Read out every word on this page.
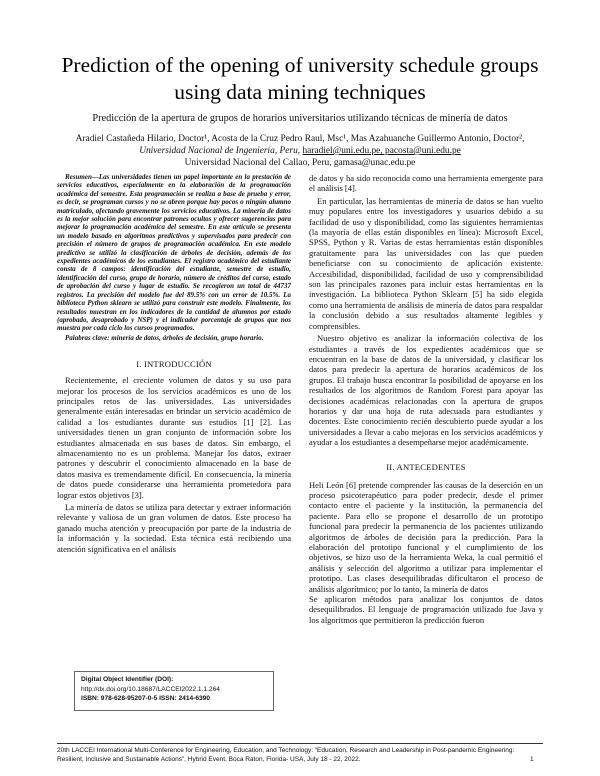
Prediction of the opening of university schedule groups using data mining techniques
Predicción de la apertura de grupos de horarios universitarios utilizando técnicas de minería de datos

Aradiel Castañeda Hilario, Doctor¹, Acosta de la Cruz Pedro Raul, Msc¹, Mas Azahuanche Guillermo Antonio, Doctor²,

Universidad Nacional de Ingeniería, Peru, haradiel@uni.edu.pe, pacosta@uni.edu.pe

Universidad Nacional del Callao, Peru, gamasa@unac.edu.pe

Resumen—Las universidades tienen un papel importante en la prestación de servicios educativos, especialmente en la elaboración de la programación académica del semestre. Esta programación se realiza a base de prueba y error, es decir, se programan cursos y no se abren porque hay pocos o ningún alumno matriculado, afectando gravemente los servicios educativos. La minería de datos es la mejor solución para encontrar patrones ocultos y ofrecer sugerencias para mejorar la programación académica del semestre. En este artículo se presenta un modelo basado en algoritmos predictivos y supervisados para predecir con precisión el número de grupos de programación académica. En este modelo predictivo se utilizó la clasificación de árboles de decisión, además de los expedientes académicos de los estudiantes. El registro académico del estudiante consta de 8 campos: identificación del estudiante, semestre de estudio, identificación del curso, grupo de horario, número de créditos del curso, estado de aprobación del curso y lugar de estudio. Se recogieron un total de 44737 registros. La precisión del modelo fue del 89.5% con un error de 10.5%. La biblioteca Python sklearn se utilizó para construir este modelo. Finalmente, los resultados muestran en los indicadores de la cantidad de alumnos por estado (aprobado, desaprobado y NSP) y el indicador porcentaje de grupos que nos muestra por cada ciclo los cursos programados.

Palabras clave: minería de datos, árboles de decisión, grupo horario.

I. INTRODUCCIÓN

Recientemente, el creciente volumen de datos y su uso para mejorar los procesos de los servicios académicos es uno de los principales retos de las universidades. Las universidades generalmente están interesadas en brindar un servicio académico de calidad a los estudiantes durante sus estudios [1] [2]. Las universidades tienen un gran conjunto de información sobre los estudiantes almacenada en sus bases de datos. Sin embargo, el almacenamiento no es un problema. Manejar los datos, extraer patrones y descubrir el conocimiento almacenado en la base de datos masiva es tremendamente difícil. En consecuencia, la minería de datos puede considerarse una herramienta prometedora para lograr estos objetivos [3].

La minería de datos se utiliza para detectar y extraer información relevante y valiosa de un gran volumen de datos. Este proceso ha ganado mucha atención y preocupación por parte de la industria de la información y la sociedad. Esta técnica está recibiendo una atención significativa en el análisis

Digital Object Identifier (DOI):
http://dx.doi.org/10.18687/LACCEI2022.1.1.264
ISBN: 978-628-95207-0-5 ISSN: 2414-6390

de datos y ha sido reconocida como una herramienta emergente para el análisis [4].

En particular, las herramientas de minería de datos se han vuelto muy populares entre los investigadores y usuarios debido a su facilidad de uso y disponibilidad, como las siguientes herramientas (la mayoría de ellas están disponibles en línea): Microsoft Excel, SPSS, Python y R. Varias de estas herramientas están disponibles gratuitamente para las universidades con las que pueden beneficiarse con su conocimiento de aplicación existente. Accesibilidad, disponibilidad, facilidad de uso y comprensibilidad son las principales razones para incluir estas herramientas en la investigación. La biblioteca Python Sklearn [5] ha sido elegida como una herramienta de análisis de minería de datos para respaldar la conclusión debido a sus resultados altamente legibles y comprensibles.

Nuestro objetivo es analizar la información colectiva de los estudiantes a través de los expedientes académicos que se encuentran en la base de datos de la universidad, y clasificar los datos para predecir la apertura de horarios académicos de los grupos. El trabajo busca encontrar la posibilidad de apoyarse en los resultados de los algoritmos de Random Forest para apoyar las decisiones académicas relacionadas con la apertura de grupos horarios y dar una hoja de ruta adecuada para estudiantes y docentes. Este conocimiento recién descubierto puede ayudar a los universidades a llevar a cabo mejoras en los servicios académicos y ayudar a los estudiantes a desempeñarse mejor académicamente.

II. ANTECEDENTES

Heli León [6] pretende comprender las causas de la deserción en un proceso psicoterapéutico para poder predecir, desde el primer contacto entre el paciente y la institución, la permanencia del paciente. Para ello se propone el desarrollo de un prototipo funcional para predecir la permanencia de los pacientes utilizando algoritmos de árboles de decisión para la predicción. Para la elaboración del prototipo funcional y el cumplimiento de los objetivos, se hizo uso de la herramienta Weka, la cual permitió el análisis y selección del algoritmo a utilizar para implementar el prototipo. Las clases desequilibradas dificultaron el proceso de análisis algorítmico; por lo tanto, la minería de datos

Se aplicaron métodos para analizar los conjuntos de datos desequilibrados. El lenguaje de programación utilizado fue Java y los algoritmos que permitieron la predicción fueron

20th LACCEI International Multi-Conference for Engineering, Education, and Technology: “Education, Research and Leadership in Post-pandemic Engineering: Resilient, Inclusive and Sustainable Actions”, Hybrid Event, Boca Raton, Florida- USA, July 18 - 22, 2022.	1
